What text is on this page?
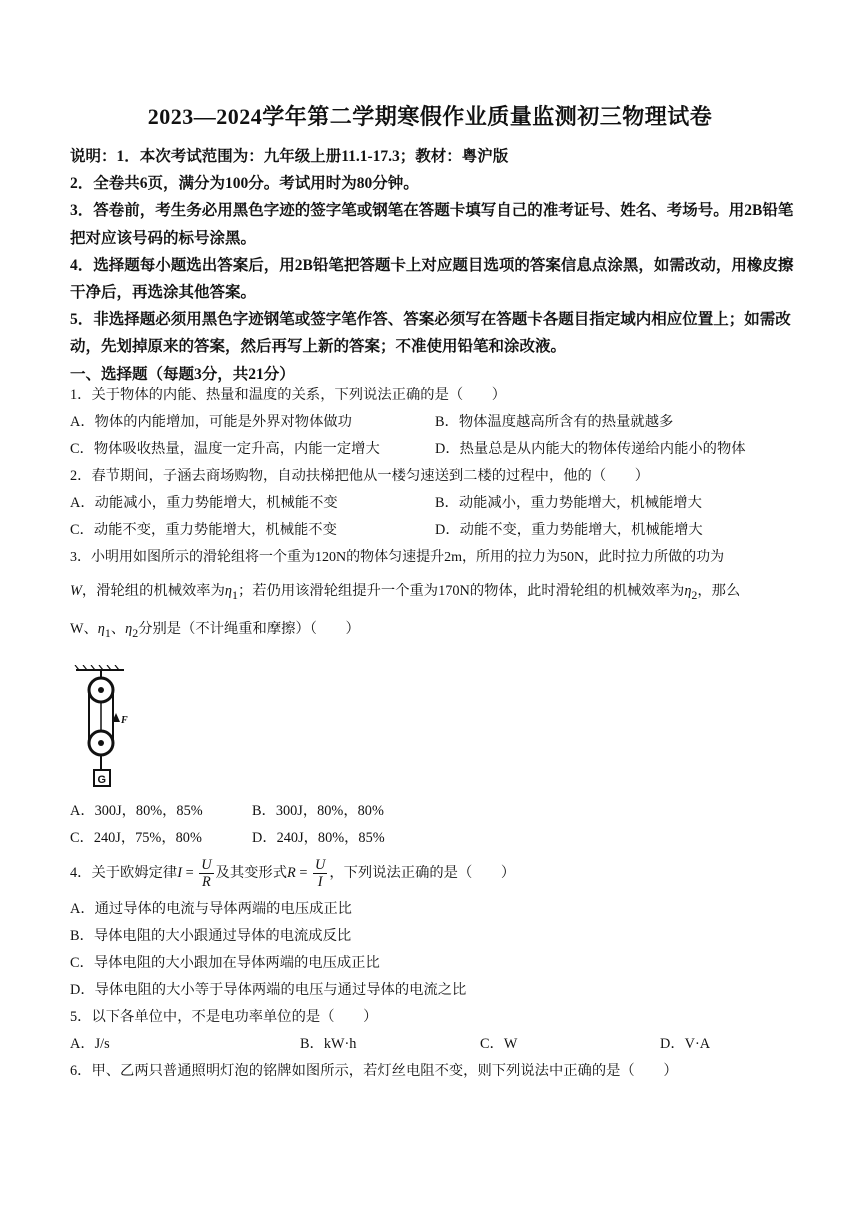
2023—2024学年第二学期寒假作业质量监测初三物理试卷

说明：1．本次考试范围为：九年级上册11.1-17.3；教材：粤沪版

2．全卷共6页，满分为100分。考试用时为80分钟。

3．答卷前，考生务必用黑色字迹的签字笔或钢笔在答题卡填写自己的准考证号、姓名、考场号。用2B铅笔把对应该号码的标号涂黑。

4．选择题每小题选出答案后，用2B铅笔把答题卡上对应题目选项的答案信息点涂黑，如需改动，用橡皮擦干净后，再选涂其他答案。

5．非选择题必须用黑色字迹钢笔或签字笔作答、答案必须写在答题卡各题目指定域内相应位置上；如需改动，先划掉原来的答案，然后再写上新的答案；不准使用铅笔和涂改液。

一、选择题（每题3分，共21分）

1．关于物体的内能、热量和温度的关系，下列说法正确的是（　　）
A．物体的内能增加，可能是外界对物体做功	B．物体温度越高所含有的热量就越多
C．物体吸收热量，温度一定升高，内能一定增大	D．热量总是从内能大的物体传递给内能小的物体
2．春节期间，子涵去商场购物，自动扶梯把他从一楼匀速送到二楼的过程中，他的（　　）
A．动能减小，重力势能增大，机械能不变	B．动能减小，重力势能增大，机械能增大
C．动能不变，重力势能增大，机械能不变	D．动能不变，重力势能增大，机械能增大
3．小明用如图所示的滑轮组将一个重为120N的物体匀速提升2m，所用的拉力为50N，此时拉力所做的功为
W，滑轮组的机械效率为$\eta_1$；若仍用该滑轮组提升一个重为170N的物体，此时滑轮组的机械效率为$\eta_2$，那么
W、$\eta_1$、$\eta_2$分别是（不计绳重和摩擦）（　　）
F
G
A．300J，80%，85%	B．300J，80%，80%
C．240J，75%，80%	D．240J，80%，85%
4．关于欧姆定律$I = \frac{U}{R}$ 及其变形式$R = \frac{U}{I}$ ，下列说法正确的是（　　）
A．通过导体的电流与导体两端的电压成正比
B．导体电阻的大小跟通过导体的电流成反比
C．导体电阻的大小跟加在导体两端的电压成正比
D．导体电阻的大小等于导体两端的电压与通过导体的电流之比
5．以下各单位中，不是电功率单位的是（　　）
A．J/s	B．kW·h	C．W	D．V·A
6．甲、乙两只普通照明灯泡的铭牌如图所示，若灯丝电阻不变，则下列说法中正确的是（　　）
